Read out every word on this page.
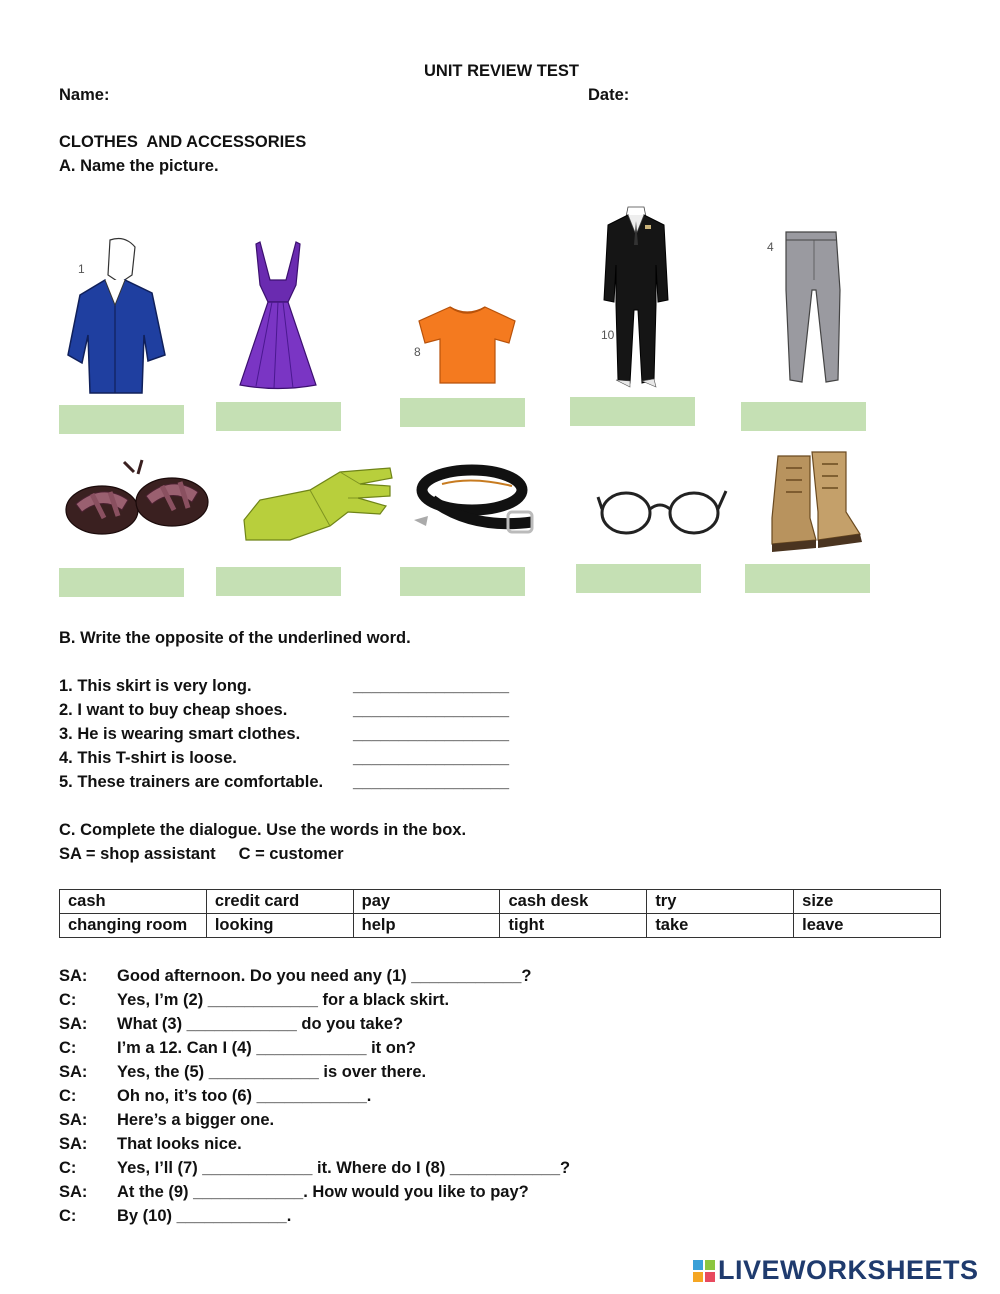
UNIT REVIEW TEST
Name:	Date:
CLOTHES  AND ACCESSORIES
A. Name the picture.
1
8
10
4
B. Write the opposite of the underlined word.
1. This skirt is very long.	_________________
2. I want to buy cheap shoes.	_________________
3. He is wearing smart clothes.	_________________
4. This T-shirt is loose.	_________________
5. These trainers are comfortable. _________________
C. Complete the dialogue. Use the words in the box.
SA = shop assistant     C = customer
cash	credit card	pay	cash desk	try	size
changing room	looking	help	tight	take	leave
SA: Good afternoon. Do you need any (1) ____________?
C: Yes, I’m (2) ____________ for a black skirt.
SA: What (3) ____________ do you take?
C: I’m a 12. Can I (4) ____________ it on?
SA: Yes, the (5) ____________ is over there.
C: Oh no, it’s too (6) ____________.
SA: Here’s a bigger one.
SA: That looks nice.
C: Yes, I’ll (7) ____________ it. Where do I (8) ____________?
SA: At the (9) ____________. How would you like to pay?
C: By (10) ____________.
LIVEWORKSHEETS
